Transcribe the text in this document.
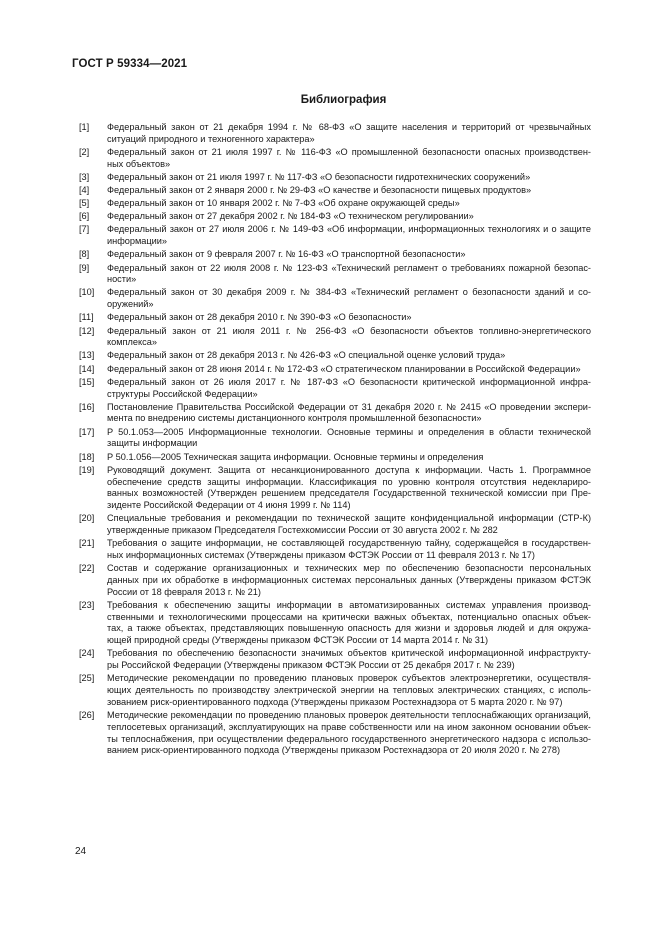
ГОСТ Р 59334—2021
Библиография
[1]	Федеральный закон от 21 декабря 1994 г. № 68-ФЗ «О защите населения и территорий от чрезвычайных
ситуаций природного и техногенного характера»
[2]	Федеральный закон от 21 июля 1997 г. № 116-ФЗ «О промышленной безопасности опасных производствен-
ных объектов»
[3]	Федеральный закон от 21 июля 1997 г. № 117-ФЗ «О безопасности гидротехнических сооружений»
[4]	Федеральный закон от 2 января 2000 г. № 29-ФЗ «О качестве и безопасности пищевых продуктов»
[5]	Федеральный закон от 10 января 2002 г. № 7-ФЗ «Об охране окружающей среды»
[6]	Федеральный закон от 27 декабря 2002 г. № 184-ФЗ «О техническом регулировании»
[7]	Федеральный закон от 27 июля 2006 г. № 149-ФЗ «Об информации, информационных технологиях и о защите
информации»
[8]	Федеральный закон от 9 февраля 2007 г. № 16-ФЗ «О транспортной безопасности»
[9]	Федеральный закон от 22 июля 2008 г. № 123-ФЗ «Технический регламент о требованиях пожарной безопас-
ности»
[10]	Федеральный закон от 30 декабря 2009 г. № 384-ФЗ «Технический регламент о безопасности зданий и со-
оружений»
[11]	Федеральный закон от 28 декабря 2010 г. № 390-ФЗ «О безопасности»
[12]	Федеральный закон от 21 июля 2011 г. № 256-ФЗ «О безопасности объектов топливно-энергетического
комплекса»
[13]	Федеральный закон от 28 декабря 2013 г. № 426-ФЗ «О специальной оценке условий труда»
[14]	Федеральный закон от 28 июня 2014 г. № 172-ФЗ «О стратегическом планировании в Российской Федерации»
[15]	Федеральный закон от 26 июля 2017 г. № 187-ФЗ «О безопасности критической информационной инфра-
структуры Российской Федерации»
[16]	Постановление Правительства Российской Федерации от 31 декабря 2020 г. № 2415 «О проведении экспери-
мента по внедрению системы дистанционного контроля промышленной безопасности»
[17]	Р 50.1.053—2005 Информационные технологии. Основные термины и определения в области технической
защиты информации
[18]	Р 50.1.056—2005 Техническая защита информации. Основные термины и определения
[19]	Руководящий документ. Защита от несанкционированного доступа к информации. Часть 1. Программное
обеспечение средств защиты информации. Классификация по уровню контроля отсутствия недеклариро-
ванных возможностей (Утвержден решением председателя Государственной технической комиссии при Пре-
зиденте Российской Федерации от 4 июня 1999 г. № 114)
[20]	Специальные требования и рекомендации по технической защите конфиденциальной информации (СТР-К)
утвержденные приказом Председателя Гостехкомиссии России от 30 августа 2002 г. № 282
[21]	Требования о защите информации, не составляющей государственную тайну, содержащейся в государствен-
ных информационных системах (Утверждены приказом ФСТЭК России от 11 февраля 2013 г. № 17)
[22]	Состав и содержание организационных и технических мер по обеспечению безопасности персональных
данных при их обработке в информационных системах персональных данных (Утверждены приказом ФСТЭК
России от 18 февраля 2013 г. № 21)
[23]	Требования к обеспечению защиты информации в автоматизированных системах управления производ-
ственными и технологическими процессами на критически важных объектах, потенциально опасных объек-
тах, а также объектах, представляющих повышенную опасность для жизни и здоровья людей и для окружа-
ющей природной среды (Утверждены приказом ФСТЭК России от 14 марта 2014 г. № 31)
[24]	Требования по обеспечению безопасности значимых объектов критической информационной инфраструкту-
ры Российской Федерации (Утверждены приказом ФСТЭК России от 25 декабря 2017 г. № 239)
[25]	Методические рекомендации по проведению плановых проверок субъектов электроэнергетики, осуществля-
ющих деятельность по производству электрической энергии на тепловых электрических станциях, с исполь-
зованием риск-ориентированного подхода (Утверждены приказом Ростехнадзора от 5 марта 2020 г. № 97)
[26]	Методические рекомендации по проведению плановых проверок деятельности теплоснабжающих организаций,
теплосетевых организаций, эксплуатирующих на праве собственности или на ином законном основании объек-
ты теплоснабжения, при осуществлении федерального государственного энергетического надзора с использо-
ванием риск-ориентированного подхода (Утверждены приказом Ростехнадзора от 20 июля 2020 г. № 278)
24
